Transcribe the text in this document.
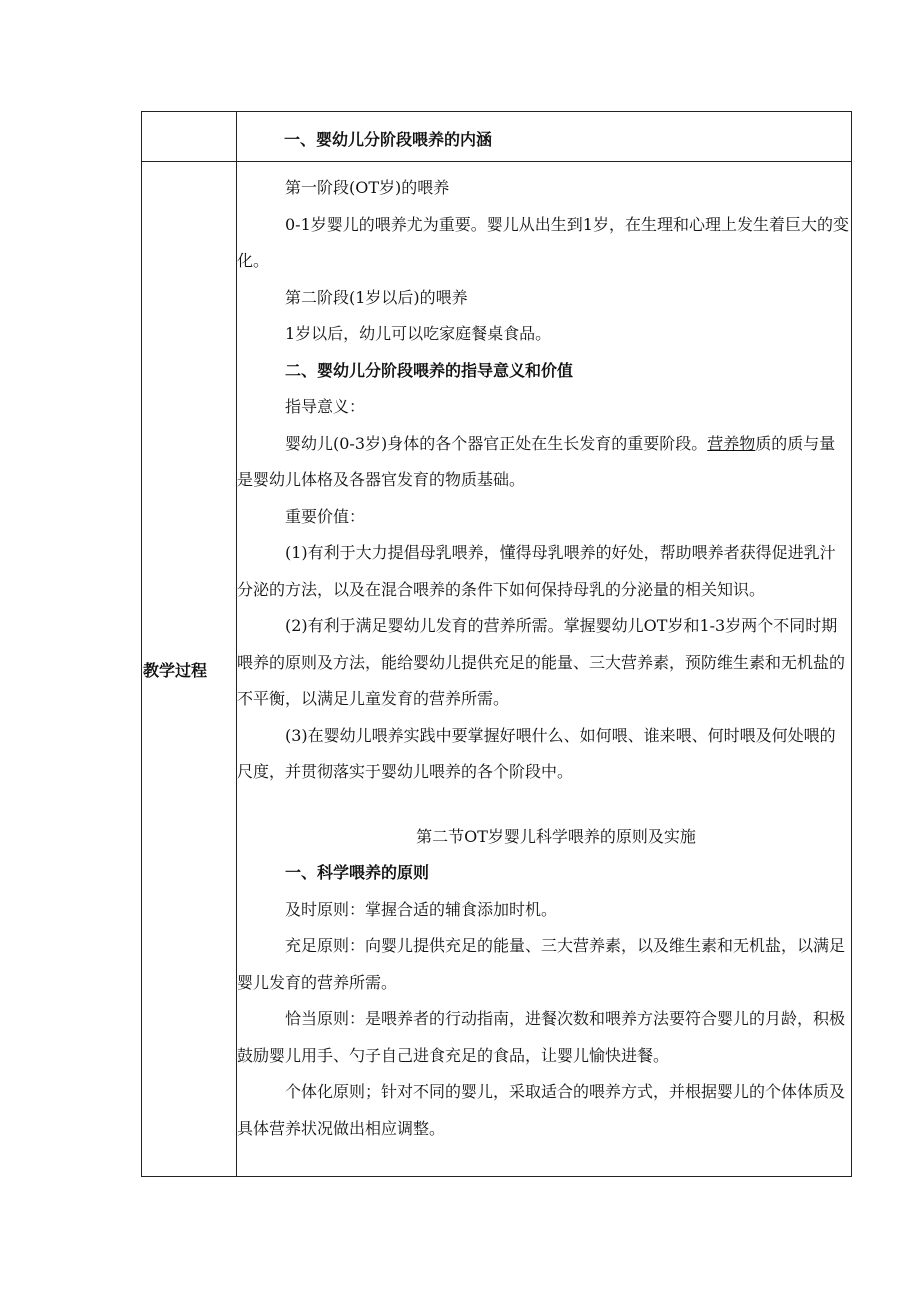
教学过程
一、婴幼儿分阶段喂养的内涵

第一阶段(OT岁)的喂养

0-1岁婴儿的喂养尤为重要。婴儿从出生到1岁，在生理和心理上发生着巨大的变化。

第二阶段(1岁以后)的喂养

1岁以后，幼儿可以吃家庭餐桌食品。

二、婴幼儿分阶段喂养的指导意义和价值

指导意义：

婴幼儿(0-3岁)身体的各个器官正处在生长发育的重要阶段。营养物质的质与量是婴幼儿体格及各器官发育的物质基础。

重要价值：

(1)有利于大力提倡母乳喂养，懂得母乳喂养的好处，帮助喂养者获得促进乳汁分泌的方法，以及在混合喂养的条件下如何保持母乳的分泌量的相关知识。

(2)有利于满足婴幼儿发育的营养所需。掌握婴幼儿OT岁和1-3岁两个不同时期喂养的原则及方法，能给婴幼儿提供充足的能量、三大营养素，预防维生素和无机盐的不平衡，以满足儿童发育的营养所需。

(3)在婴幼儿喂养实践中要掌握好喂什么、如何喂、谁来喂、何时喂及何处喂的尺度，并贯彻落实于婴幼儿喂养的各个阶段中。

第二节OT岁婴儿科学喂养的原则及实施

一、科学喂养的原则

及时原则：掌握合适的辅食添加时机。

充足原则：向婴儿提供充足的能量、三大营养素，以及维生素和无机盐，以满足婴儿发育的营养所需。

恰当原则：是喂养者的行动指南，进餐次数和喂养方法要符合婴儿的月龄，积极鼓励婴儿用手、勺子自己进食充足的食品，让婴儿愉快进餐。

个体化原则；针对不同的婴儿，采取适合的喂养方式，并根据婴儿的个体体质及具体营养状况做出相应调整。
